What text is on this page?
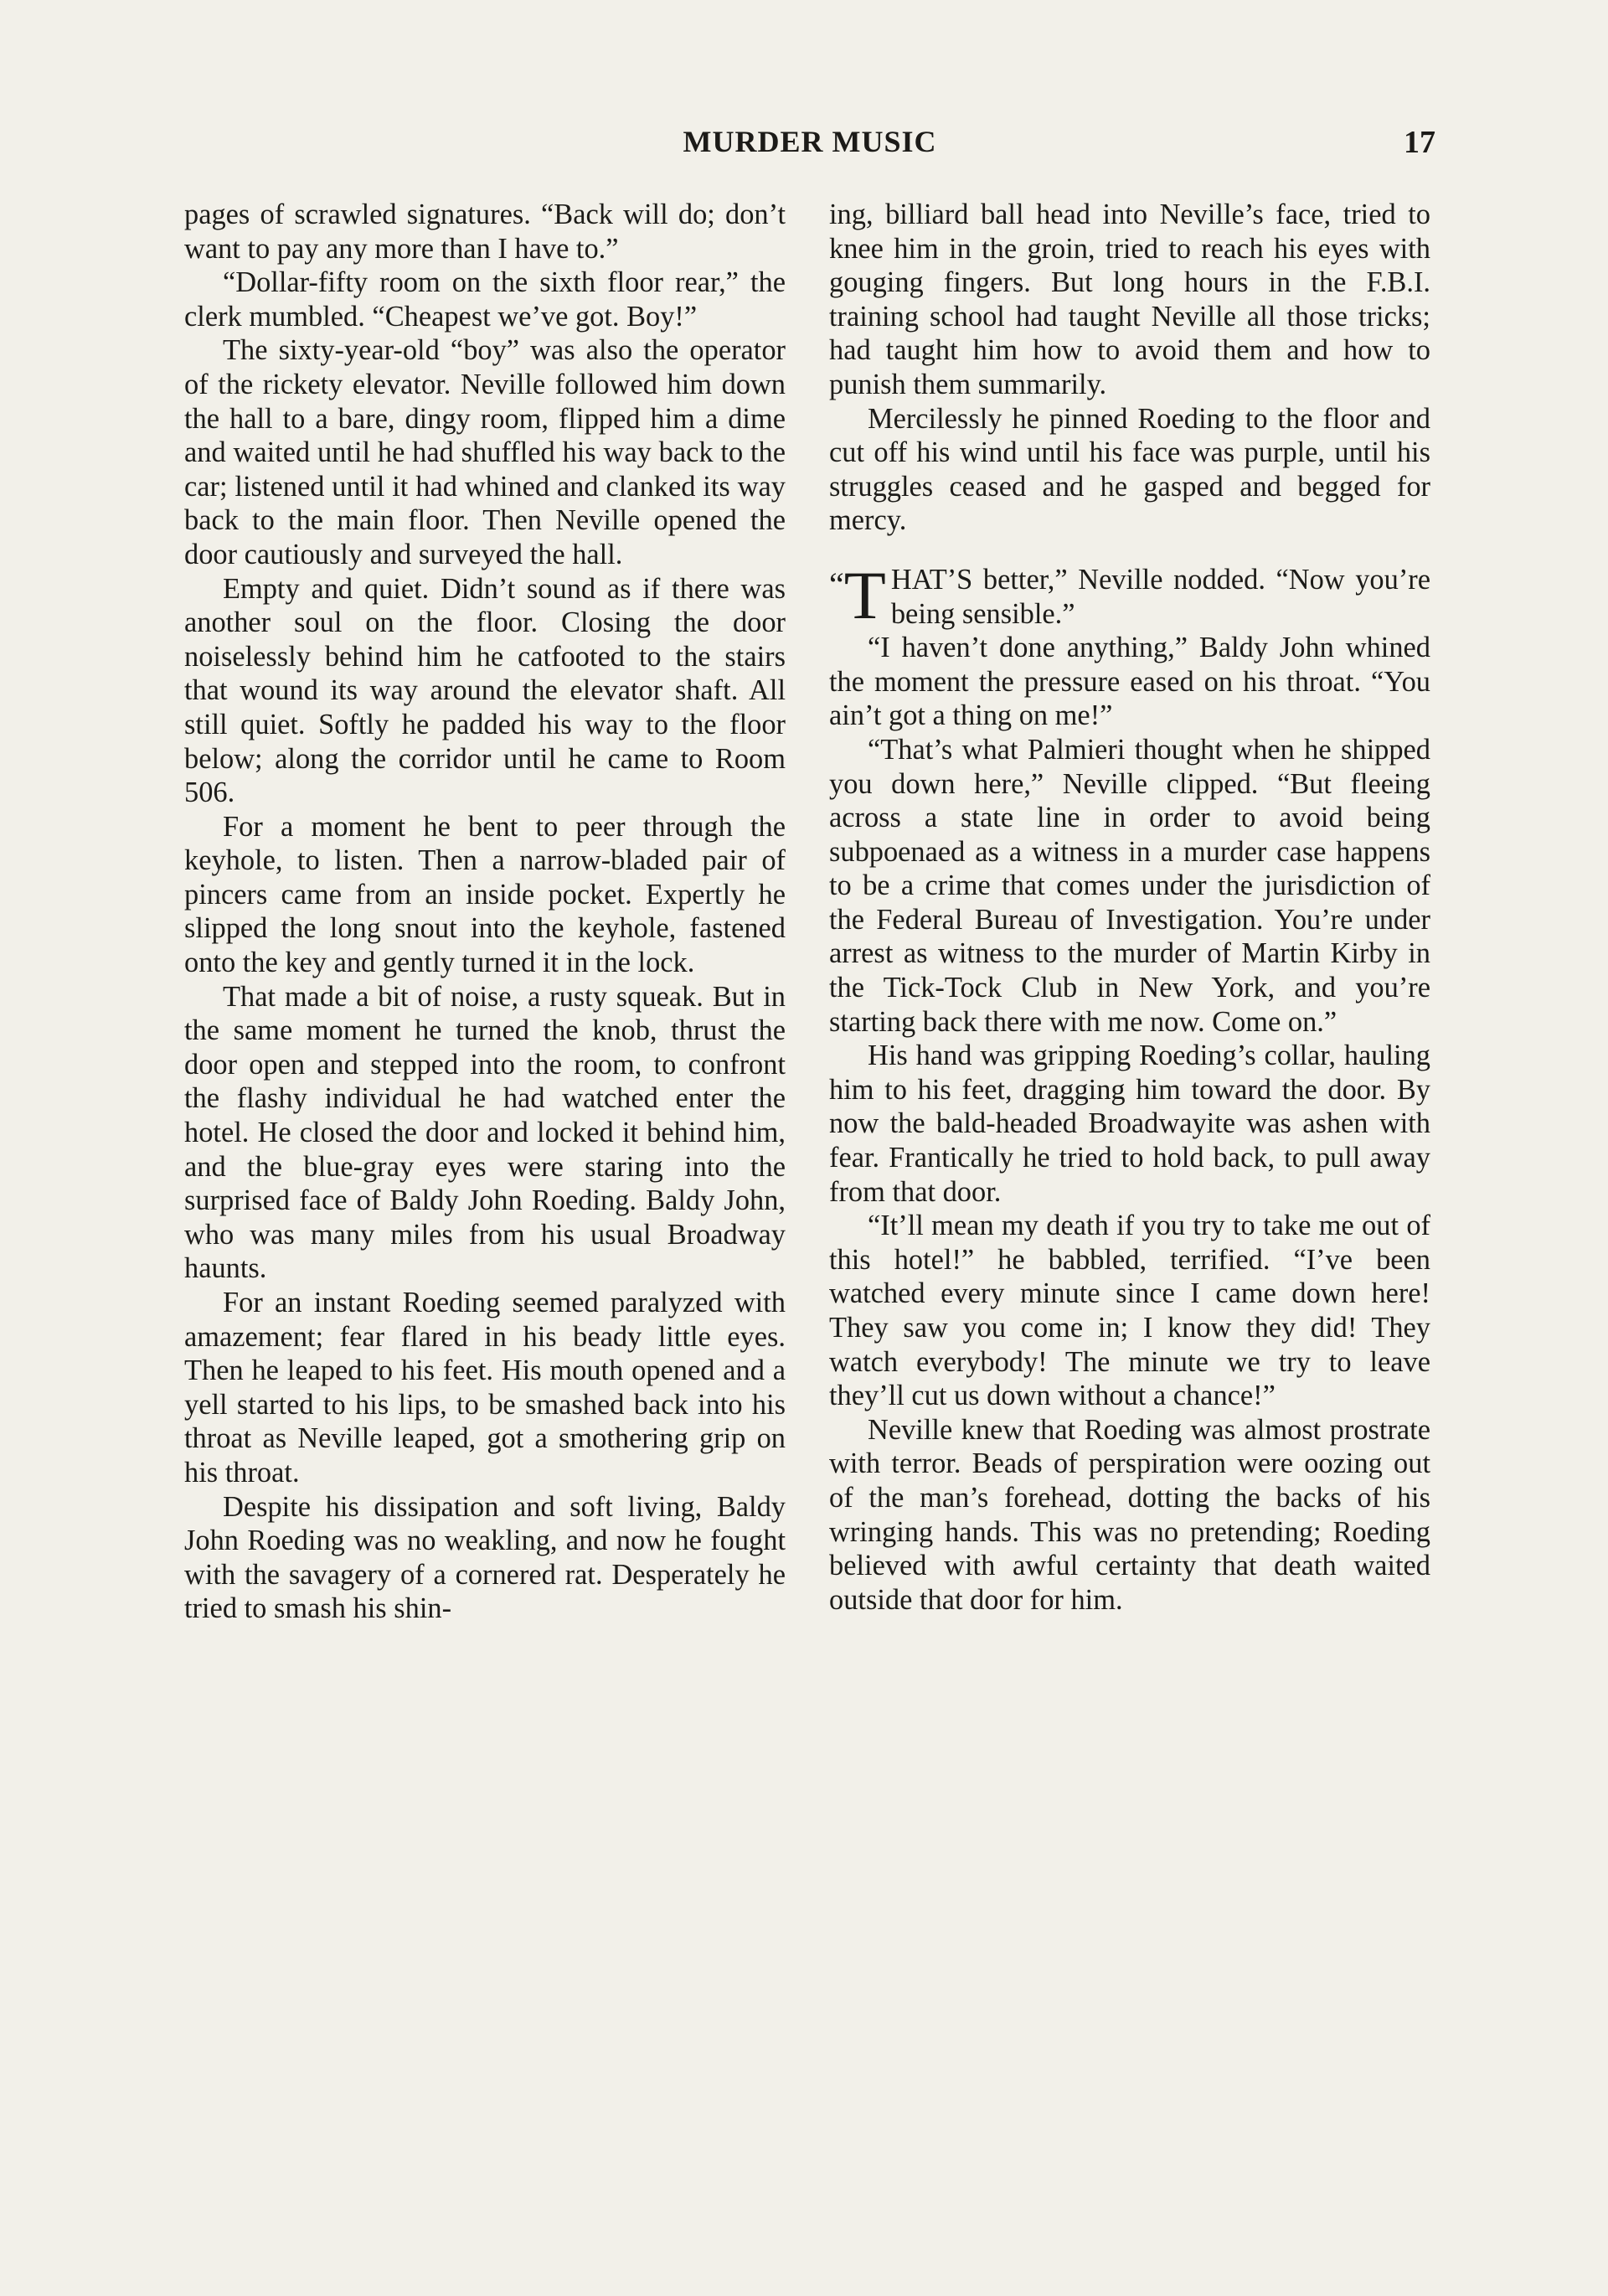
MURDER MUSIC	17

pages of scrawled signatures. “Back will do; don’t want to pay any more than I have to.”

“Dollar-fifty room on the sixth floor rear,” the clerk mumbled. “Cheapest we’ve got. Boy!”

The sixty-year-old “boy” was also the operator of the rickety elevator. Neville followed him down the hall to a bare, dingy room, flipped him a dime and waited until he had shuffled his way back to the car; listened until it had whined and clanked its way back to the main floor. Then Neville opened the door cautiously and surveyed the hall.

Empty and quiet. Didn’t sound as if there was another soul on the floor. Closing the door noiselessly behind him he catfooted to the stairs that wound its way around the elevator shaft. All still quiet. Softly he padded his way to the floor below; along the corridor until he came to Room 506.

For a moment he bent to peer through the keyhole, to listen. Then a narrow-bladed pair of pincers came from an inside pocket. Expertly he slipped the long snout into the keyhole, fastened onto the key and gently turned it in the lock.

That made a bit of noise, a rusty squeak. But in the same moment he turned the knob, thrust the door open and stepped into the room, to confront the flashy individual he had watched enter the hotel. He closed the door and locked it behind him, and the blue-gray eyes were staring into the surprised face of Baldy John Roeding. Baldy John, who was many miles from his usual Broadway haunts.

For an instant Roeding seemed paralyzed with amazement; fear flared in his beady little eyes. Then he leaped to his feet. His mouth opened and a yell started to his lips, to be smashed back into his throat as Neville leaped, got a smothering grip on his throat.

Despite his dissipation and soft living, Baldy John Roeding was no weakling, and now he fought with the savagery of a cornered rat. Desperately he tried to smash his shin-

ing, billiard ball head into Neville’s face, tried to knee him in the groin, tried to reach his eyes with gouging fingers. But long hours in the F.B.I. training school had taught Neville all those tricks; had taught him how to avoid them and how to punish them summarily.

Mercilessly he pinned Roeding to the floor and cut off his wind until his face was purple, until his struggles ceased and he gasped and begged for mercy.

“T HAT’S better,” Neville nodded. “Now you’re being sensible.”

“I haven’t done anything,” Baldy John whined the moment the pressure eased on his throat. “You ain’t got a thing on me!”

“That’s what Palmieri thought when he shipped you down here,” Neville clipped. “But fleeing across a state line in order to avoid being subpoenaed as a witness in a murder case happens to be a crime that comes under the jurisdiction of the Federal Bureau of Investigation. You’re under arrest as witness to the murder of Martin Kirby in the Tick-Tock Club in New York, and you’re starting back there with me now. Come on.”

His hand was gripping Roeding’s collar, hauling him to his feet, dragging him toward the door. By now the bald-headed Broadwayite was ashen with fear. Frantically he tried to hold back, to pull away from that door.

“It’ll mean my death if you try to take me out of this hotel!” he babbled, terrified. “I’ve been watched every minute since I came down here! They saw you come in; I know they did! They watch everybody! The minute we try to leave they’ll cut us down without a chance!”

Neville knew that Roeding was almost prostrate with terror. Beads of perspiration were oozing out of the man’s forehead, dotting the backs of his wringing hands. This was no pretending; Roeding believed with awful certainty that death waited outside that door for him.
